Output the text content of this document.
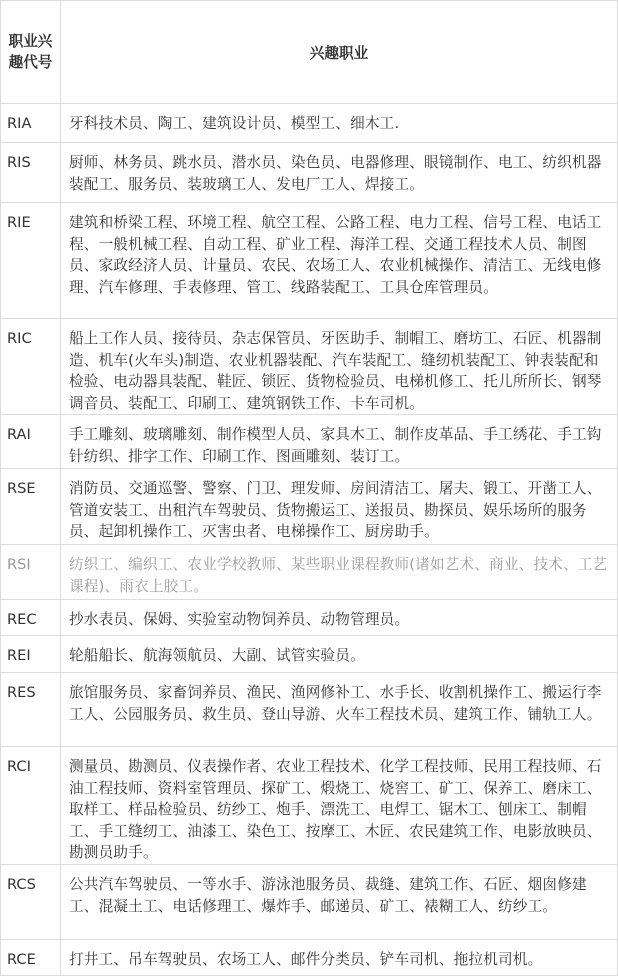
职业兴趣代号	兴趣职业

RIA	牙科技术员、陶工、建筑设计员、模型工、细木工.

RIS	厨师、林务员、跳水员、潜水员、染色员、电器修理、眼镜制作、电工、纺织机器装配工、服务员、装玻璃工人、发电厂工人、焊接工。

RIE	建筑和桥梁工程、环境工程、航空工程、公路工程、电力工程、信号工程、电话工程、一般机械工程、自动工程、矿业工程、海洋工程、交通工程技术人员、制图员、家政经济人员、计量员、农民、农场工人、农业机械操作、清洁工、无线电修理、汽车修理、手表修理、管工、线路装配工、工具仓库管理员。

RIC	船上工作人员、接待员、杂志保管员、牙医助手、制帽工、磨坊工、石匠、机器制造、机车(火车头)制造、农业机器装配、汽车装配工、缝纫机装配工、钟表装配和检验、电动器具装配、鞋匠、锁匠、货物检验员、电梯机修工、托儿所所长、钢琴调音员、装配工、印刷工、建筑钢铁工作、卡车司机。

RAI	手工雕刻、玻璃雕刻、制作模型人员、家具木工、制作皮革品、手工绣花、手工钩针纺织、排字工作、印刷工作、图画雕刻、装订工。

RSE	消防员、交通巡警、警察、门卫、理发师、房间清洁工、屠夫、锻工、开凿工人、管道安装工、出租汽车驾驶员、货物搬运工、送报员、勘探员、娱乐场所的服务员、起卸机操作工、灭害虫者、电梯操作工、厨房助手。

RSI	纺织工、编织工、农业学校教师、某些职业课程教师(诸如艺术、商业、技术、工艺课程)、雨衣上胶工。

REC	抄水表员、保姆、实验室动物饲养员、动物管理员。

REI	轮船船长、航海领航员、大副、试管实验员。

RES	旅馆服务员、家畜饲养员、渔民、渔网修补工、水手长、收割机操作工、搬运行李工人、公园服务员、救生员、登山导游、火车工程技术员、建筑工作、铺轨工人。

RCI	测量员、勘测员、仪表操作者、农业工程技术、化学工程技师、民用工程技师、石油工程技师、资料室管理员、探矿工、煅烧工、烧窖工、矿工、保养工、磨床工、取样工、样品检验员、纺纱工、炮手、漂洗工、电焊工、锯木工、刨床工、制帽工、手工缝纫工、油漆工、染色工、按摩工、木匠、农民建筑工作、电影放映员、勘测员助手。

RCS	公共汽车驾驶员、一等水手、游泳池服务员、裁缝、建筑工作、石匠、烟囱修建工、混凝土工、电话修理工、爆炸手、邮递员、矿工、裱糊工人、纺纱工。

RCE	打井工、吊车驾驶员、农场工人、邮件分类员、铲车司机、拖拉机司机。
